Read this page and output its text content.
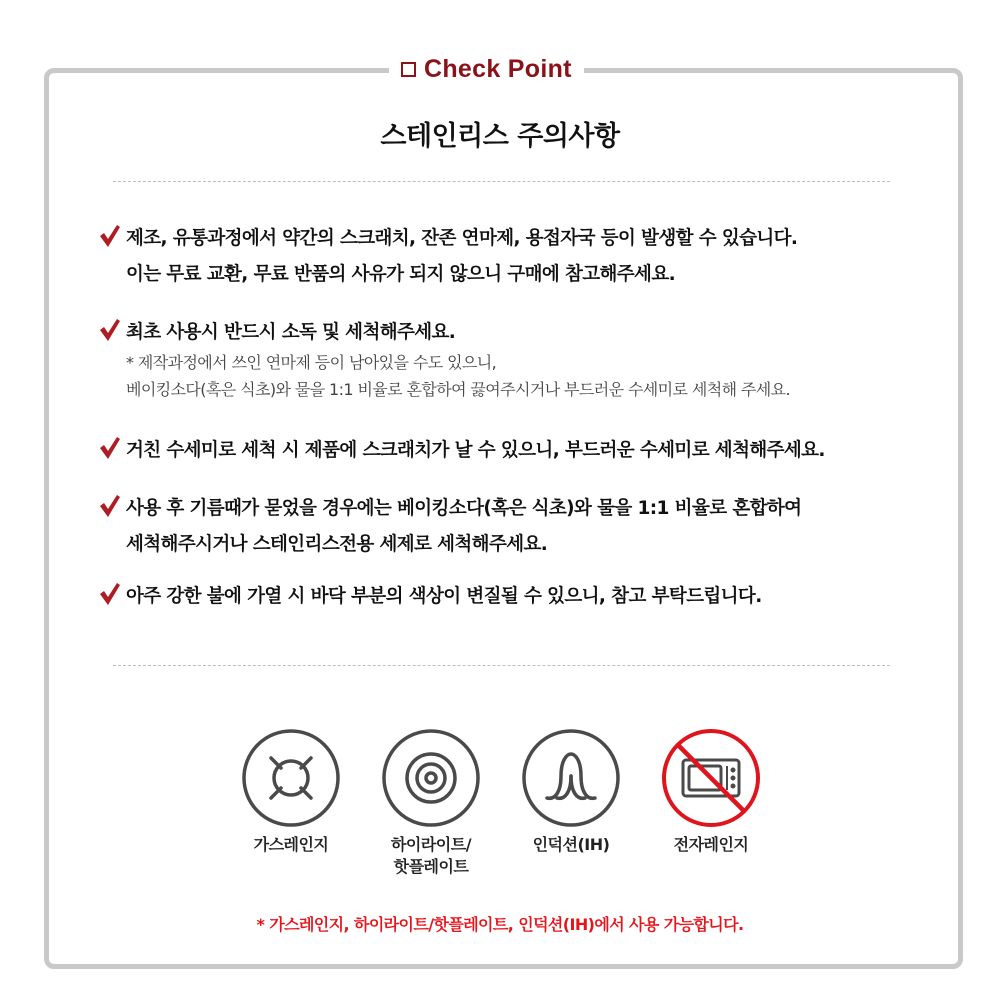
Check Point
스테인리스 주의사항
제조, 유통과정에서 약간의 스크래치, 잔존 연마제, 용접자국 등이 발생할 수 있습니다.
이는 무료 교환, 무료 반품의 사유가 되지 않으니 구매에 참고해주세요.
최초 사용시 반드시 소독 및 세척해주세요.
* 제작과정에서 쓰인 연마제 등이 남아있을 수도 있으니,
베이킹소다(혹은 식초)와 물을 1:1 비율로 혼합하여 끓여주시거나 부드러운 수세미로 세척해 주세요.
거친 수세미로 세척 시 제품에 스크래치가 날 수 있으니, 부드러운 수세미로 세척해주세요.
사용 후 기름때가 묻었을 경우에는 베이킹소다(혹은 식초)와 물을 1:1 비율로 혼합하여
세척해주시거나 스테인리스전용 세제로 세척해주세요.
아주 강한 불에 가열 시 바닥 부분의 색상이 변질될 수 있으니, 참고 부탁드립니다.
가스레인지	하이라이트/
핫플레이트
인덕션(IH)	전자레인지
* 가스레인지, 하이라이트/핫플레이트, 인덕션(IH)에서 사용 가능합니다.
